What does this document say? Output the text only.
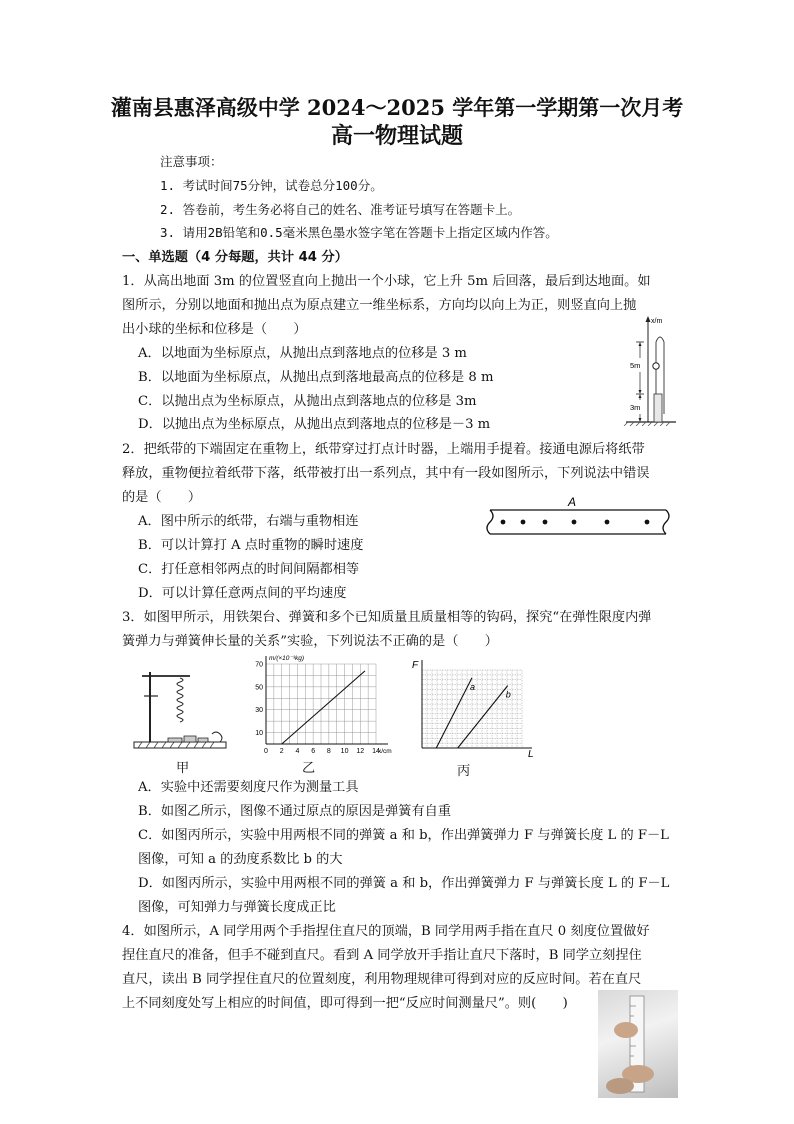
灌南县惠泽高级中学 2024～2025 学年第一学期第一次月考
高一物理试题
注意事项：
1. 考试时间75分钟，试卷总分100分。
2. 答卷前，考生务必将自己的姓名、准考证号填写在答题卡上。
3. 请用2B铅笔和0.5毫米黑色墨水签字笔在答题卡上指定区域内作答。
一、单选题（4 分每题，共计 44 分）
1．从高出地面 3m 的位置竖直向上抛出一个小球，它上升 5m 后回落，最后到达地面。如
图所示，分别以地面和抛出点为原点建立一维坐标系，方向均以向上为正，则竖直向上抛
出小球的坐标和位移是（　　）
A．以地面为坐标原点，从抛出点到落地点的位移是 3 m
B．以地面为坐标原点，从抛出点到落地最高点的位移是 8 m
C．以抛出点为坐标原点，从抛出点到落地点的位移是 3m
D．以抛出点为坐标原点，从抛出点到落地点的位移是－3 m
x/m
5m
3m
2．把纸带的下端固定在重物上，纸带穿过打点计时器，上端用手提着。接通电源后将纸带
释放，重物便拉着纸带下落，纸带被打出一系列点，其中有一段如图所示，下列说法中错误
的是（　　）
A．图中所示的纸带，右端与重物相连
B．可以计算打 A 点时重物的瞬时速度
C．打任意相邻两点的时间间隔都相等
D．可以计算任意两点间的平均速度
A
3．如图甲所示，用铁架台、弹簧和多个已知质量且质量相等的钩码，探究“在弹性限度内弹
簧弹力与弹簧伸长量的关系”实验，下列说法不正确的是（　　）
甲
0 2 4 6 8 10 12 14
10
30
50
70
x/cm
m/(×10⁻³kg)
乙
L
F
a
b
丙
A．实验中还需要刻度尺作为测量工具
B．如图乙所示，图像不通过原点的原因是弹簧有自重
C．如图丙所示，实验中用两根不同的弹簧 a 和 b，作出弹簧弹力 F 与弹簧长度 L 的 F－L
图像，可知 a 的劲度系数比 b 的大
D．如图丙所示，实验中用两根不同的弹簧 a 和 b，作出弹簧弹力 F 与弹簧长度 L 的 F－L
图像，可知弹力与弹簧长度成正比
4．如图所示，A 同学用两个手指捏住直尺的顶端，B 同学用两手指在直尺 0 刻度位置做好
捏住直尺的准备，但手不碰到直尺。看到 A 同学放开手指让直尺下落时，B 同学立刻捏住
直尺，读出 B 同学捏住直尺的位置刻度，利用物理规律可得到对应的反应时间。若在直尺
上不同刻度处写上相应的时间值，即可得到一把“反应时间测量尺”。则(　　)
